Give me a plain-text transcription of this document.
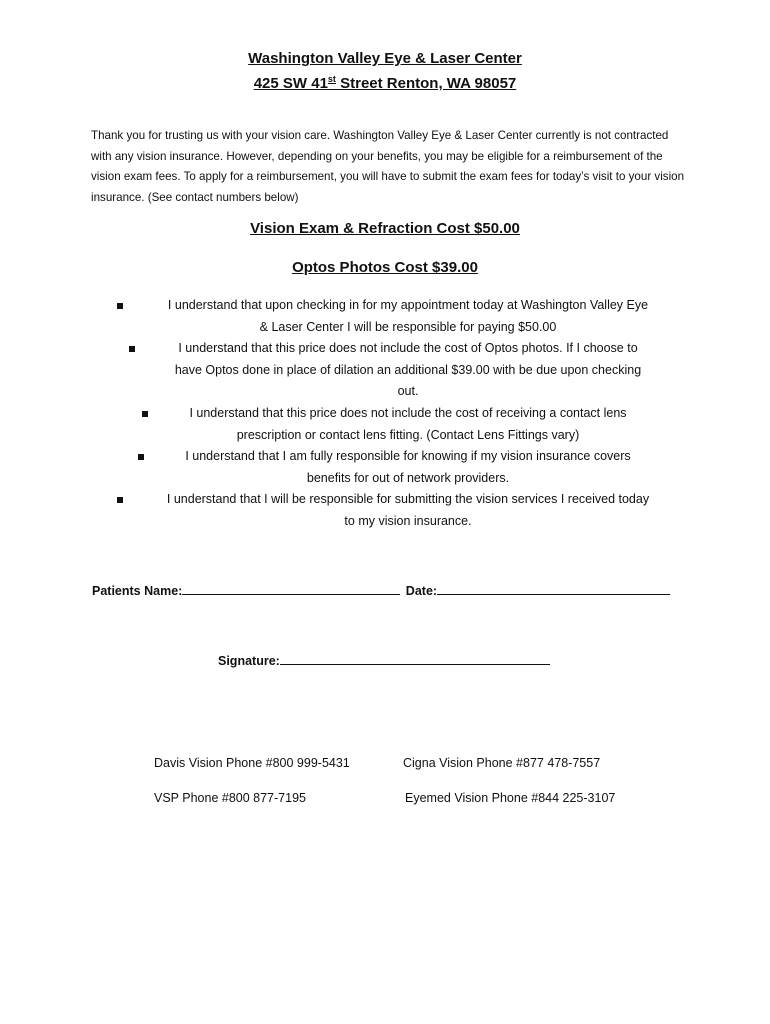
Washington Valley Eye & Laser Center
425 SW 41st Street Renton, WA 98057
Thank you for trusting us with your vision care. Washington Valley Eye & Laser Center currently is not contracted with any vision insurance. However, depending on your benefits, you may be eligible for a reimbursement of the vision exam fees. To apply for a reimbursement, you will have to submit the exam fees for today’s visit to your vision insurance. (See contact numbers below)
Vision Exam & Refraction Cost $50.00
Optos Photos Cost $39.00
I understand that upon checking in for my appointment today at Washington Valley Eye
& Laser Center I will be responsible for paying $50.00
I understand that this price does not include the cost of Optos photos. If I choose to
have Optos done in place of dilation an additional $39.00 with be due upon checking
out.
I understand that this price does not include the cost of receiving a contact lens
prescription or contact lens fitting. (Contact Lens Fittings vary)
I understand that I am fully responsible for knowing if my vision insurance covers
benefits for out of network providers.
I understand that I will be responsible for submitting the vision services I received today
to my vision insurance.
Patients Name:	Date:
Signature:
Davis Vision Phone #800 999-5431	Cigna Vision Phone #877 478-7557
VSP Phone #800 877-7195	Eyemed Vision Phone #844 225-3107
